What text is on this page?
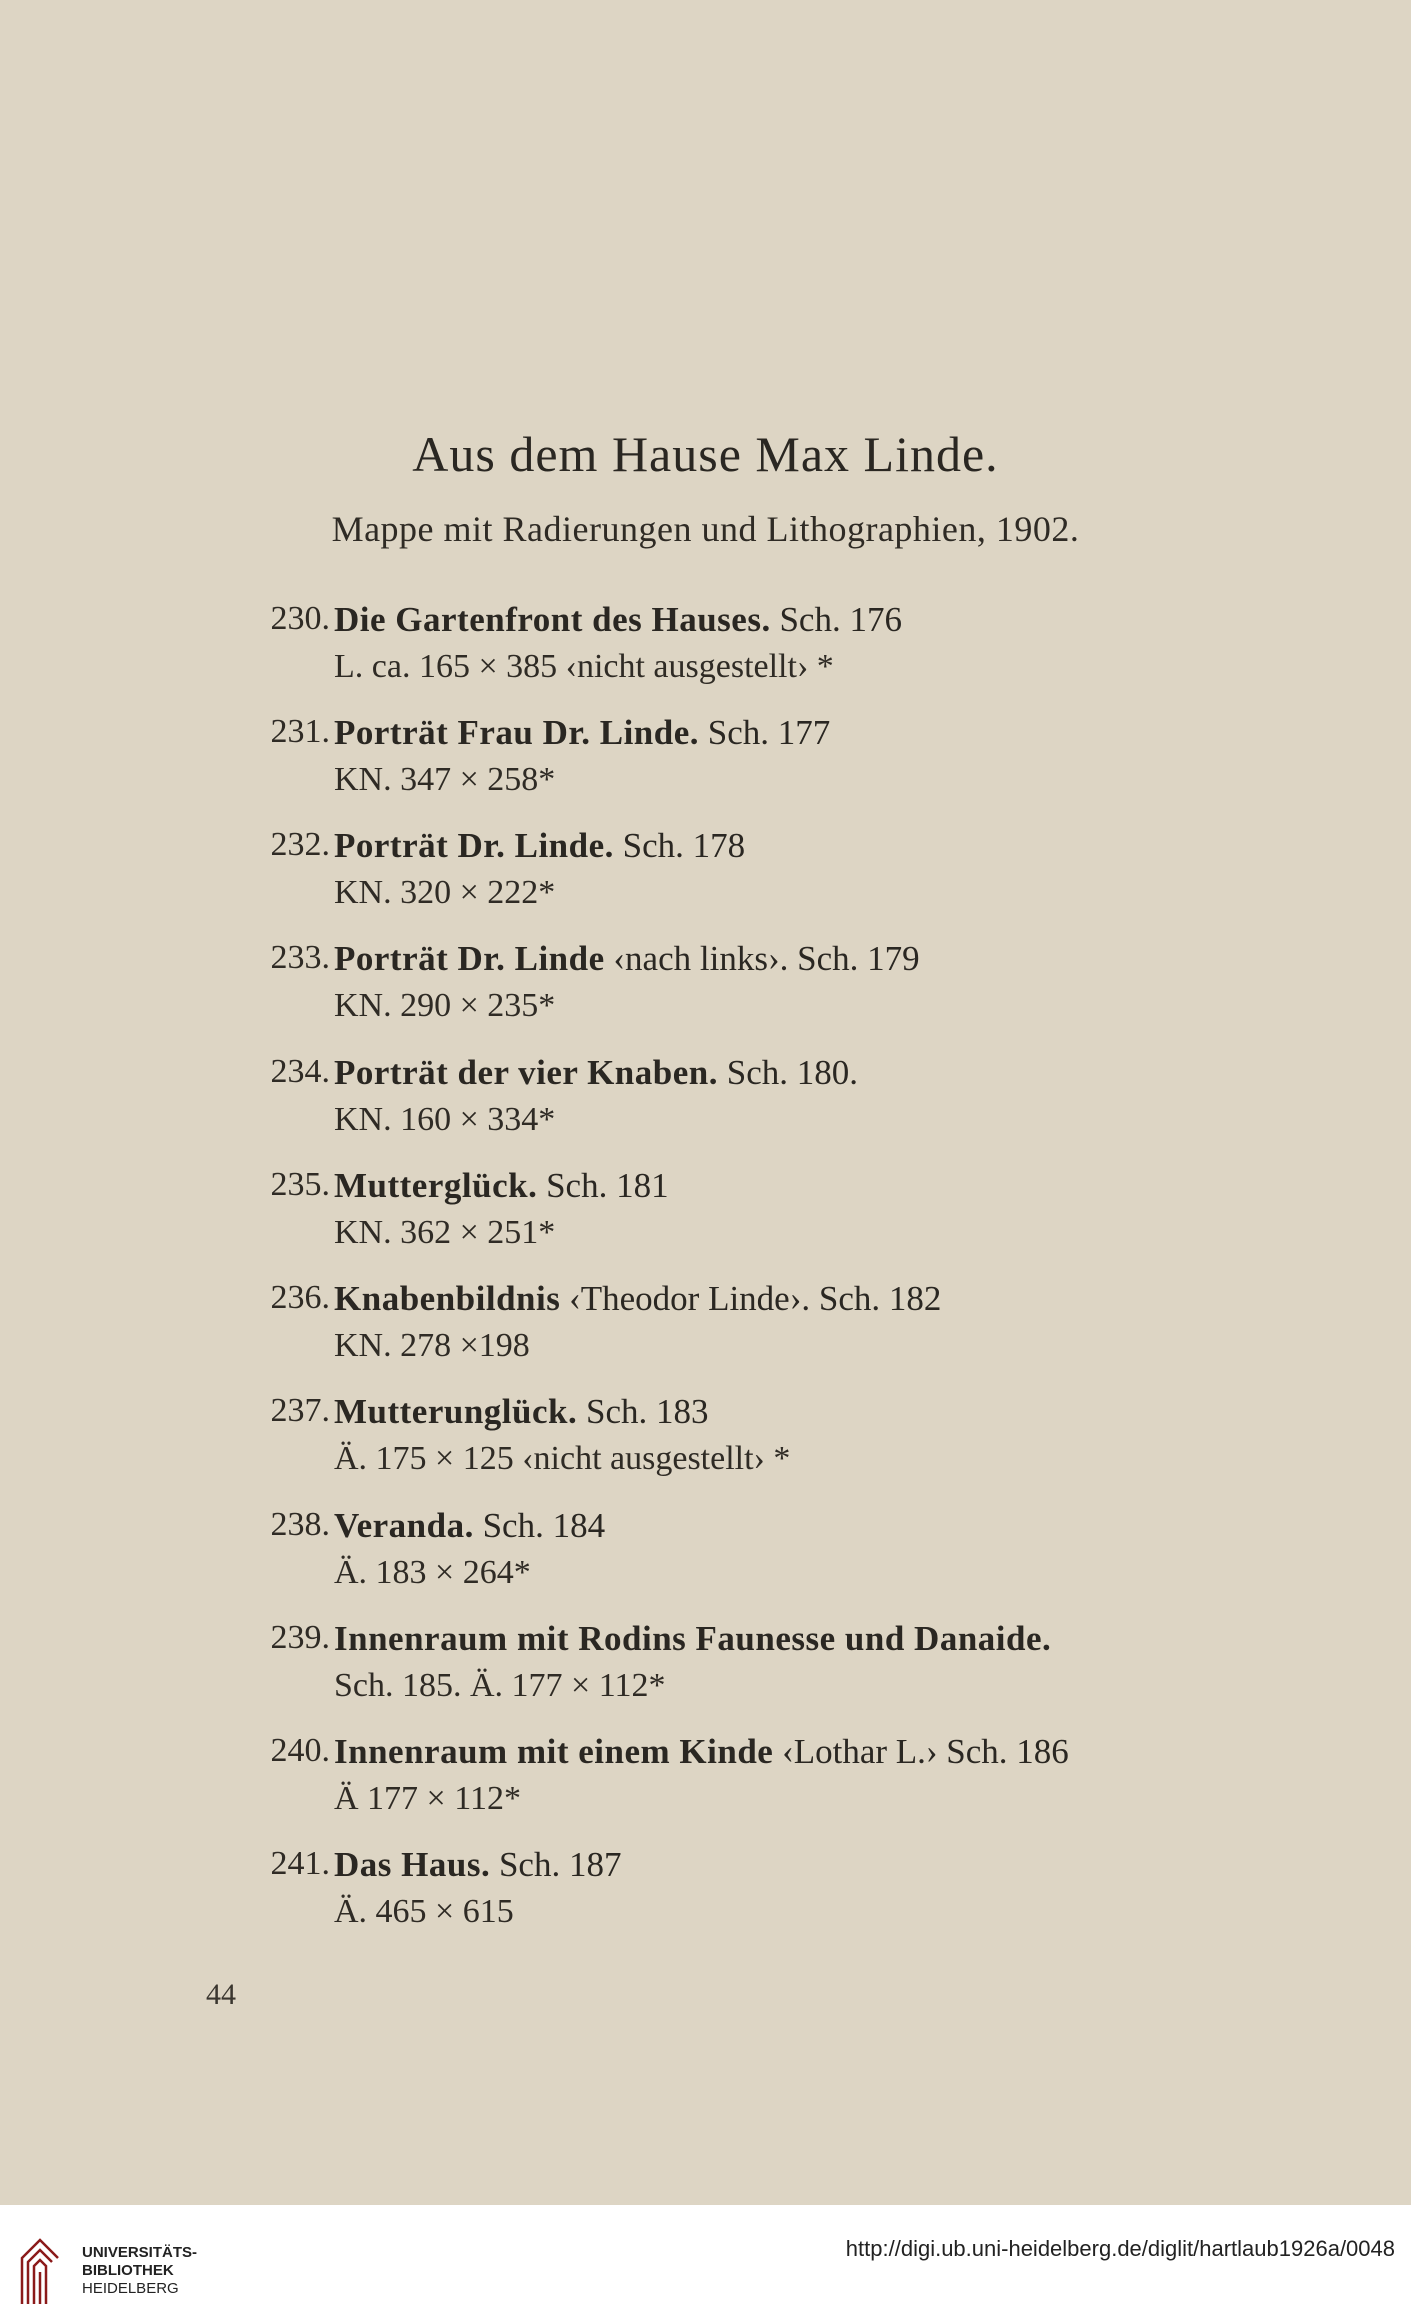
Aus dem Hause Max Linde.
Mappe mit Radierungen und Lithographien, 1902.
230. Die Gartenfront des Hauses. Sch. 176
L. ca. 165 × 385 ‹nicht ausgestellt› *
231. Porträt Frau Dr. Linde. Sch. 177
KN. 347 × 258*
232. Porträt Dr. Linde. Sch. 178
KN. 320 × 222*
233. Porträt Dr. Linde ‹nach links›. Sch. 179
KN. 290 × 235*
234. Porträt der vier Knaben. Sch. 180.
KN. 160 × 334*
235. Mutterglück. Sch. 181
KN. 362 × 251*
236. Knabenbildnis ‹Theodor Linde›. Sch. 182
KN. 278 ×198
237. Mutterunglück. Sch. 183
Ä. 175 × 125 ‹nicht ausgestellt› *
238. Veranda. Sch. 184
Ä. 183 × 264*
239. Innenraum mit Rodins Faunesse und Danaide.
Sch. 185. Ä. 177 × 112*
240. Innenraum mit einem Kinde ‹Lothar L.› Sch. 186
Ä 177 × 112*
241. Das Haus. Sch. 187
Ä. 465 × 615
44
UNIVERSITÄTS-
BIBLIOTHEK
HEIDELBERG
http://digi.ub.uni-heidelberg.de/diglit/hartlaub1926a/0048
